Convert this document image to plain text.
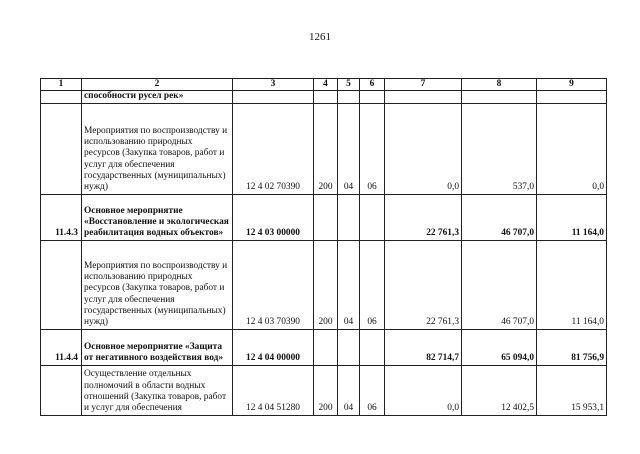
1261
1	2	3	4	5	6	7	8	9
	способности русел рек»							
	Мероприятия по воспроизводству и использованию природных ресурсов (Закупка товаров, работ и услуг для обеспечения государственных (муниципальных) нужд)	12 4 02 70390	200	04	06	0,0	537,0	0,0
11.4.3	Основное мероприятие «Восстановление и экологическая реабилитация водных объектов»	12 4 03 00000				22 761,3	46 707,0	11 164,0
	Мероприятия по воспроизводству и использованию природных ресурсов (Закупка товаров, работ и услуг для обеспечения государственных (муниципальных) нужд)	12 4 03 70390	200	04	06	22 761,3	46 707,0	11 164,0
11.4.4	Основное мероприятие «Защита от негативного воздействия вод»	12 4 04 00000				82 714,7	65 094,0	81 756,9
	Осуществление отдельных полномочий в области водных отношений (Закупка товаров, работ и услуг для обеспечения	12 4 04 51280	200	04	06	0,0	12 402,5	15 953,1
